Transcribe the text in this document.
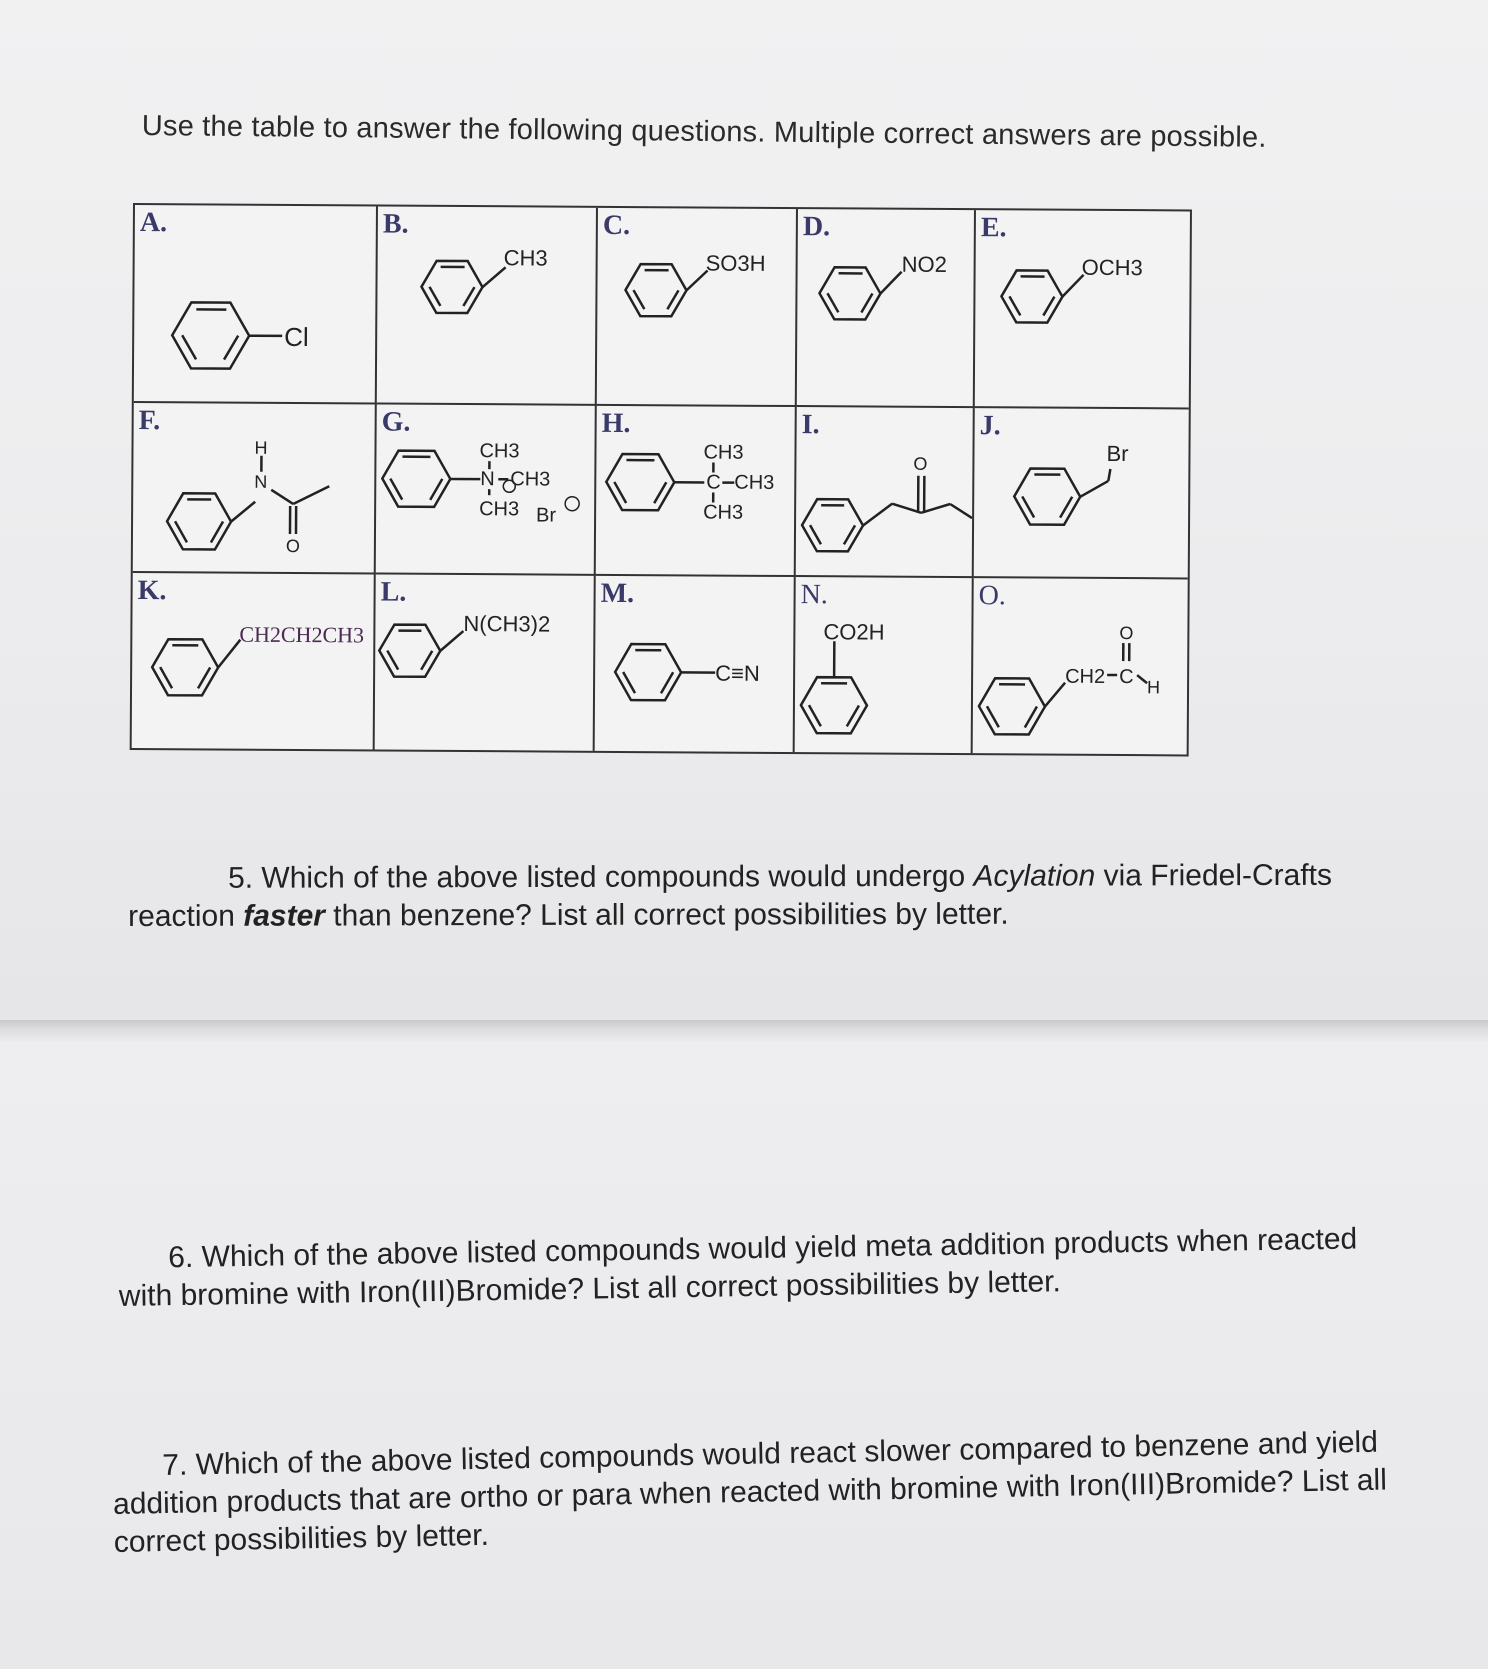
Use the table to answer the following questions. Multiple correct answers are possible.
A.
Cl
B.
CH3
C.
SO3H
D.
NO2
E.
OCH3
F.
H
N
O
G.
CH3
N CH3
CH3 Br
H.
CH3
C CH3
CH3
I.
O
J.
Br
K.
CH2CH2CH3
L.
N(CH3)2
M.
C≡N
N.
CO2H
O.
CH2 C H
O
5. Which of the above listed compounds would undergo Acylation via Friedel-Crafts reaction faster than benzene? List all correct possibilities by letter.
6. Which of the above listed compounds would yield meta addition products when reacted with bromine with Iron(III)Bromide? List all correct possibilities by letter.
7. Which of the above listed compounds would react slower compared to benzene and yield addition products that are ortho or para when reacted with bromine with Iron(III)Bromide? List all correct possibilities by letter.
